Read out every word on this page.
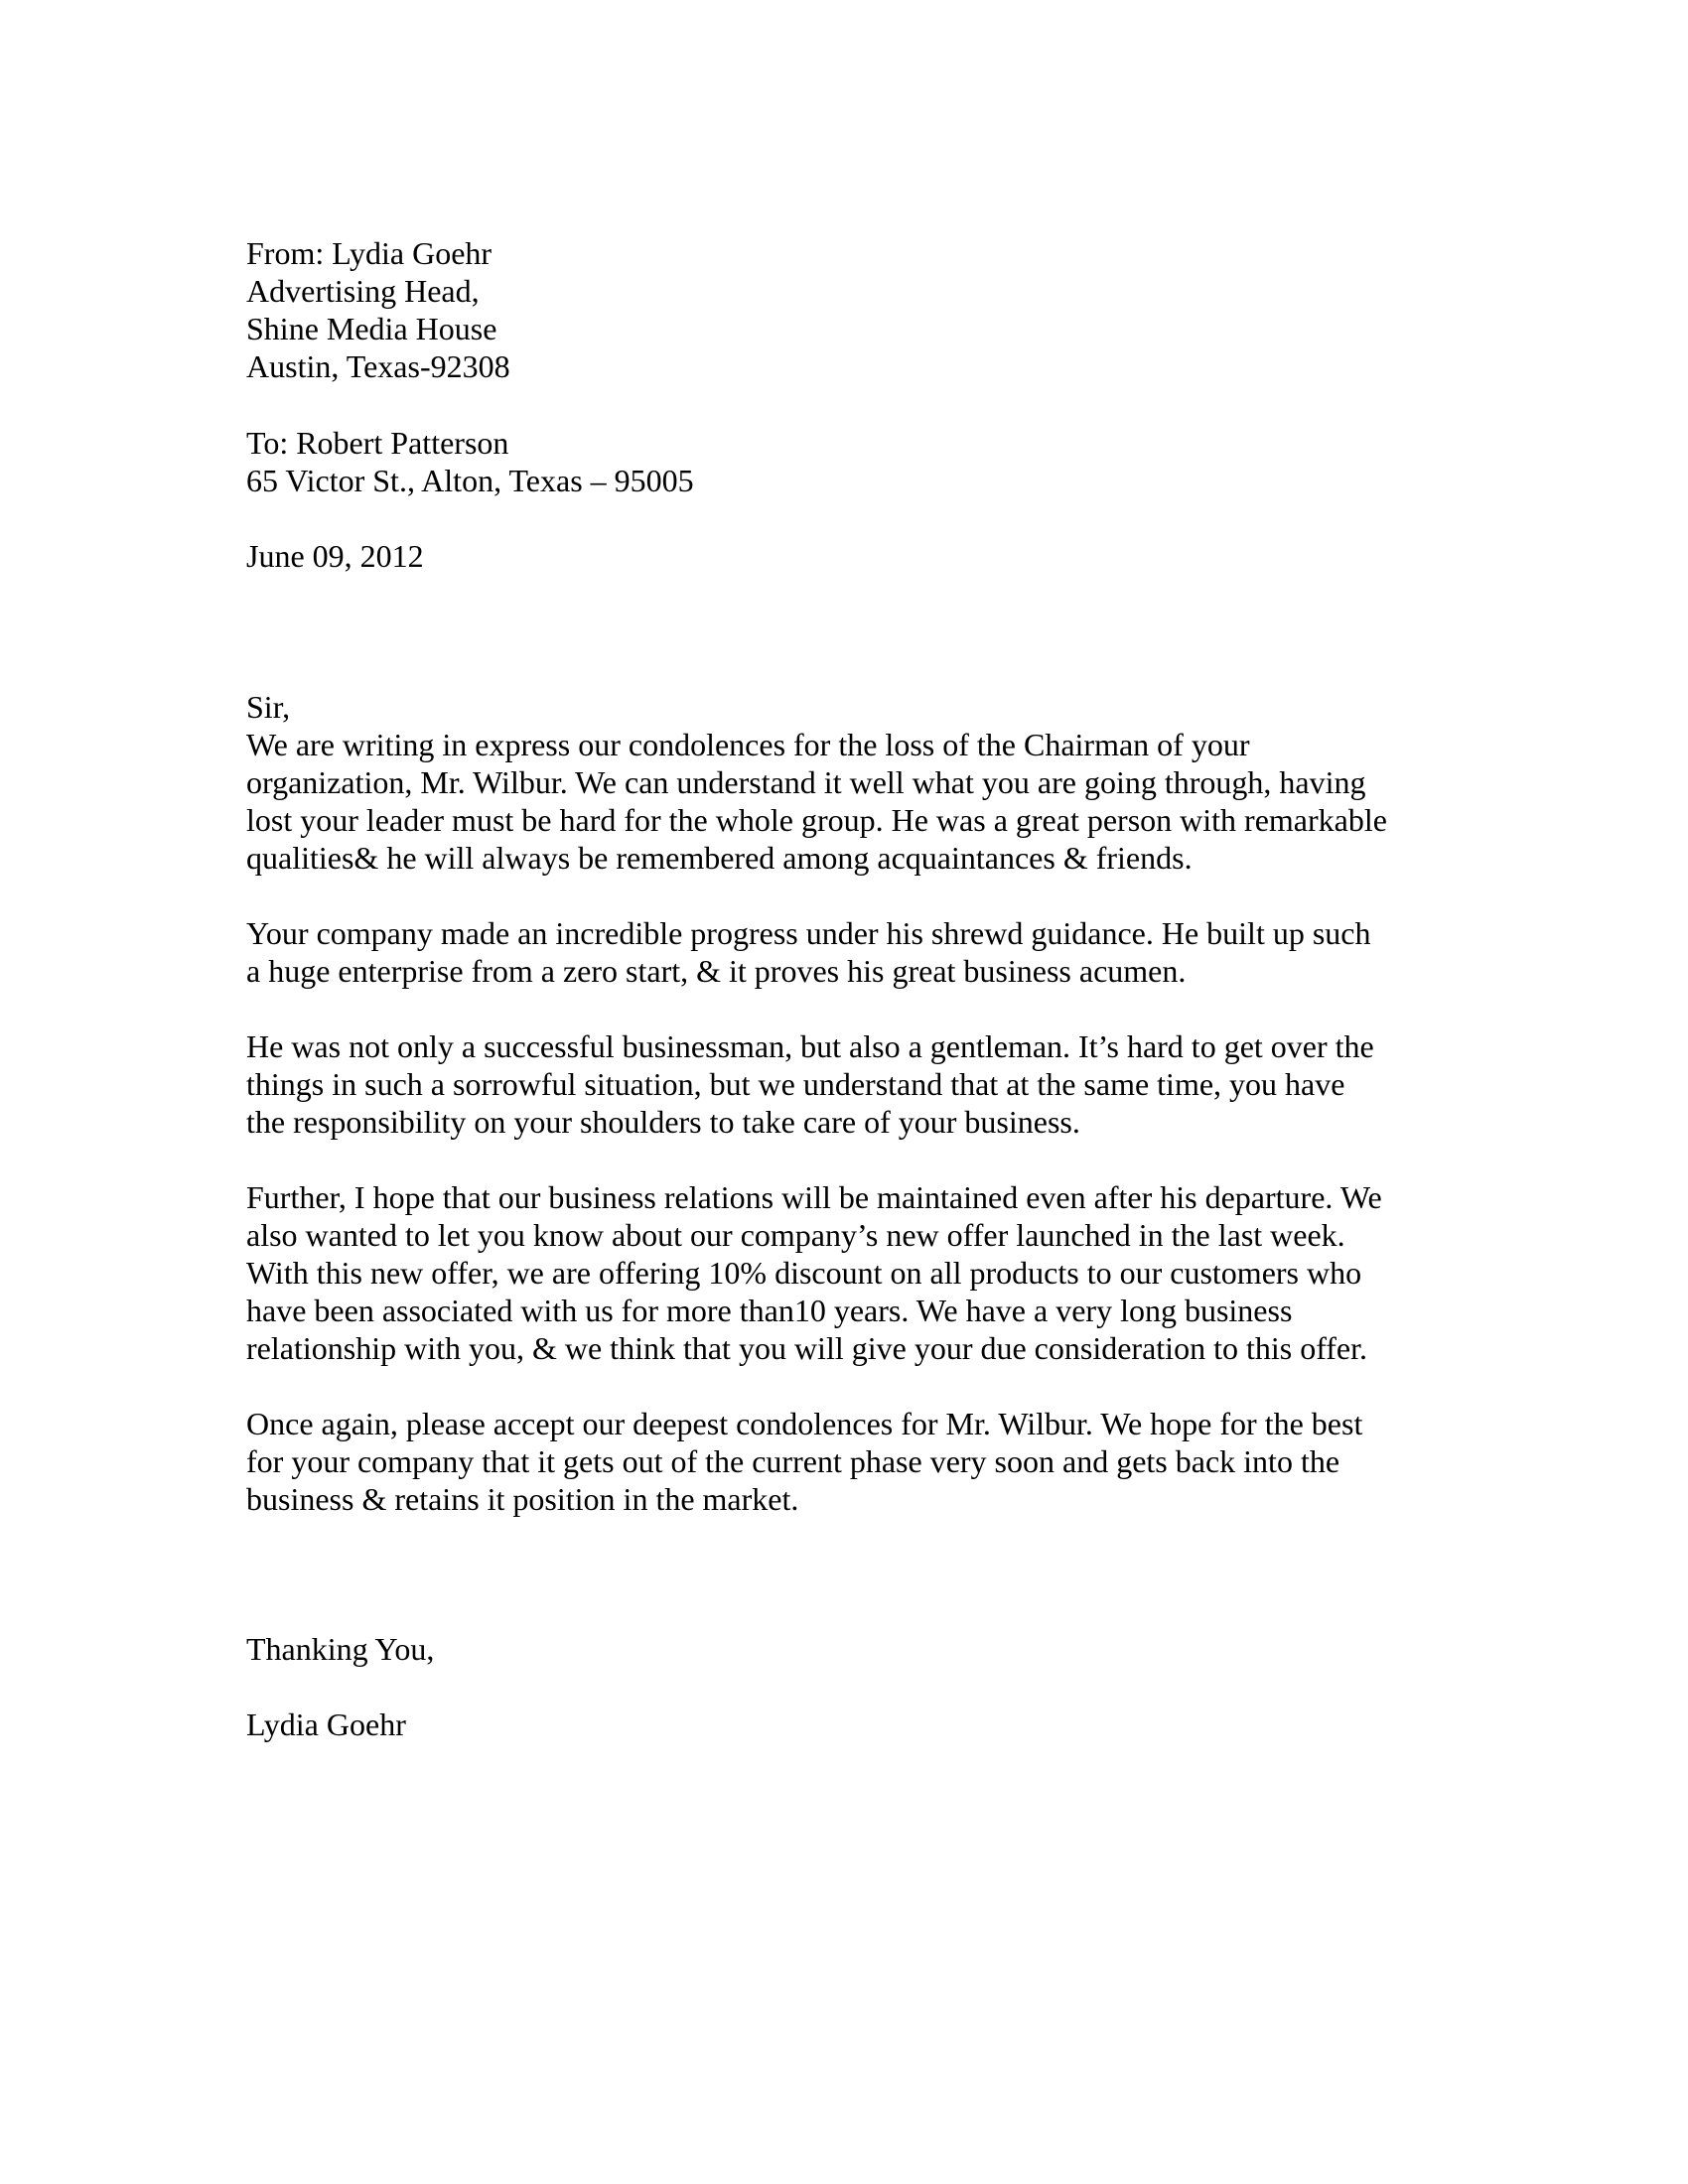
From: Lydia Goehr
Advertising Head,
Shine Media House
Austin, Texas-92308
To: Robert Patterson
65 Victor St., Alton, Texas – 95005
June 09, 2012
Sir,
We are writing in express our condolences for the loss of the Chairman of your
organization, Mr. Wilbur. We can understand it well what you are going through, having
lost your leader must be hard for the whole group. He was a great person with remarkable
qualities& he will always be remembered among acquaintances & friends.
Your company made an incredible progress under his shrewd guidance. He built up such
a huge enterprise from a zero start, & it proves his great business acumen.
He was not only a successful businessman, but also a gentleman. It’s hard to get over the
things in such a sorrowful situation, but we understand that at the same time, you have
the responsibility on your shoulders to take care of your business.
Further, I hope that our business relations will be maintained even after his departure. We
also wanted to let you know about our company’s new offer launched in the last week.
With this new offer, we are offering 10% discount on all products to our customers who
have been associated with us for more than10 years. We have a very long business
relationship with you, & we think that you will give your due consideration to this offer.
Once again, please accept our deepest condolences for Mr. Wilbur. We hope for the best
for your company that it gets out of the current phase very soon and gets back into the
business & retains it position in the market.
Thanking You,
Lydia Goehr
